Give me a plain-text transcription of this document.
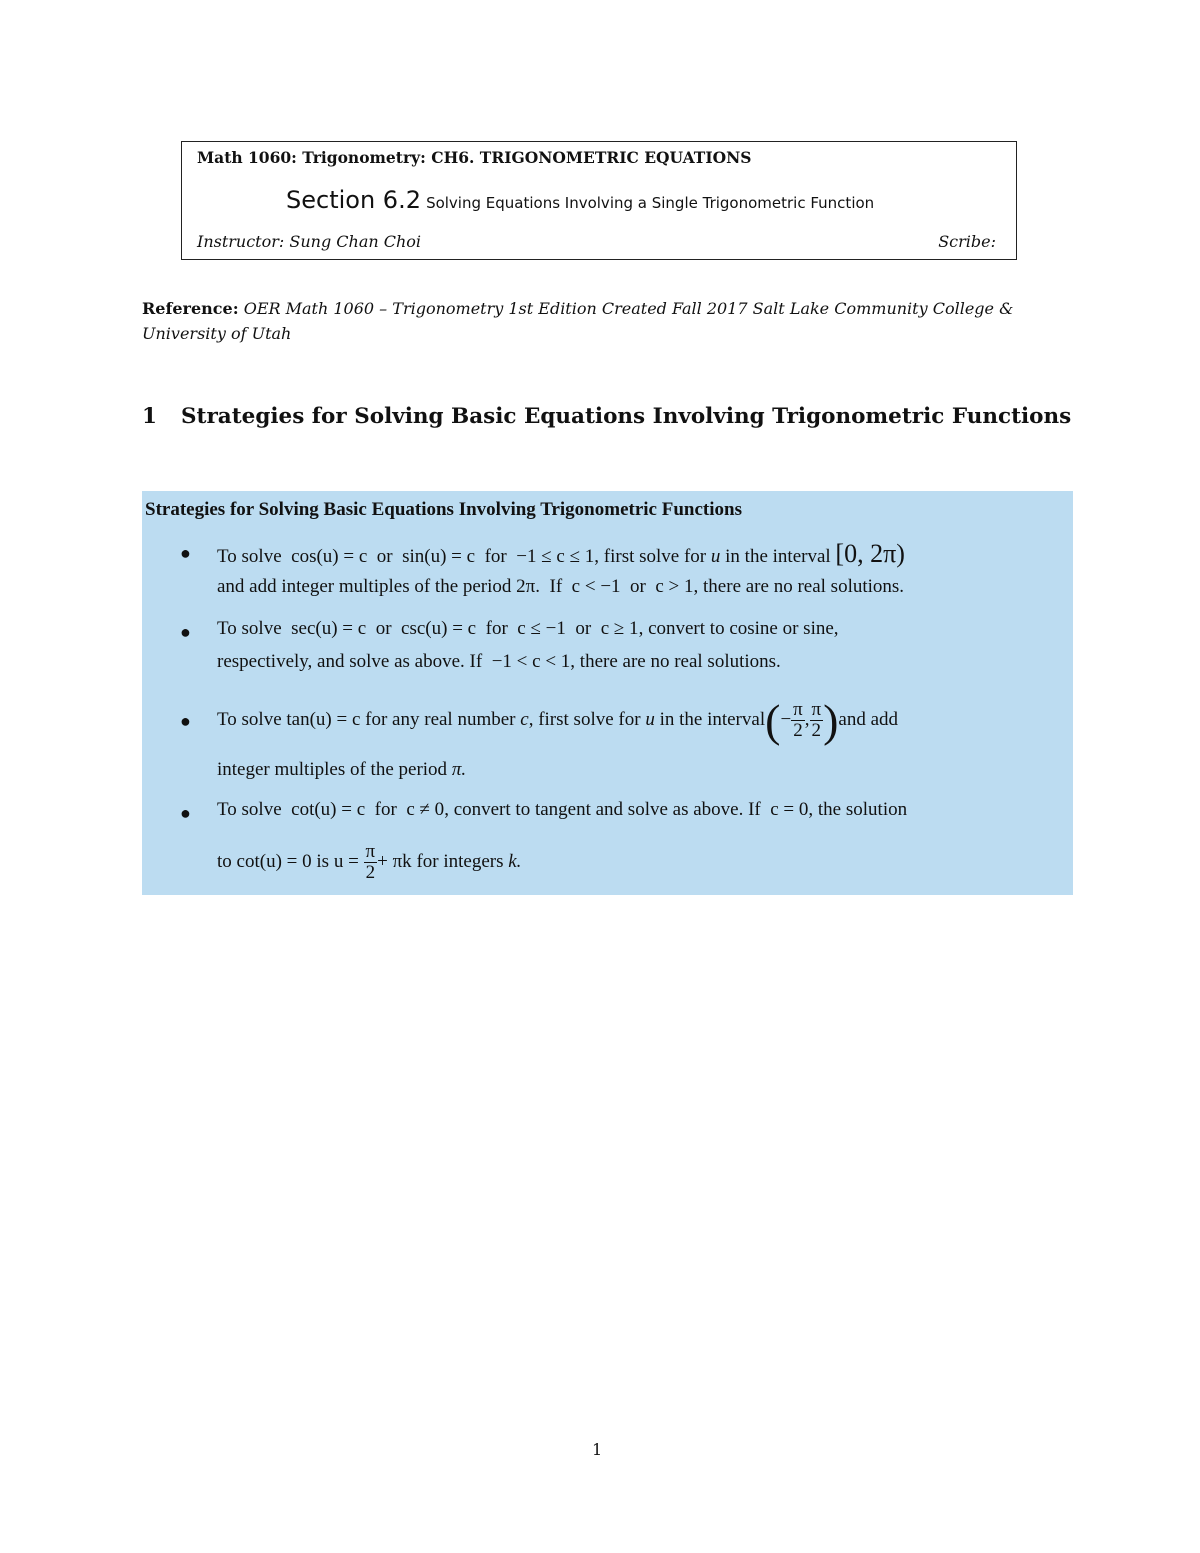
Math 1060: Trigonometry: CH6. TRIGONOMETRIC EQUATIONS
Section 6.2 Solving Equations Involving a Single Trigonometric Function
Instructor: Sung Chan Choi	Scribe:
Reference: OER Math 1060 – Trigonometry 1st Edition Created Fall 2017 Salt Lake Community College & University of Utah
1 Strategies for Solving Basic Equations Involving Trigonometric Functions
Strategies for Solving Basic Equations Involving Trigonometric Functions
● To solve cos(u) = c or sin(u) = c for −1 ≤ c ≤ 1, first solve for u in the interval [0, 2π)
and add integer multiples of the period 2π. If c < −1 or c > 1, there are no real solutions.
● To solve sec(u) = c or csc(u) = c for c ≤ −1 or c ≥ 1, convert to cosine or sine,
respectively, and solve as above. If −1 < c < 1, there are no real solutions.
● To solve
tan(u) = c
for any real number
c , first solve for
u
in the interval ( − $\frac{\pi}{2}$ , $\frac{\pi}{2}$ ) and add
integer multiples of the period π.
● To solve cot(u) = c for c ≠ 0, convert to tangent and solve as above. If c = 0, the solution
to
cot(u) = 0
is
u =
$\frac{\pi}{2} + \pi k$
for integers
k.
1
